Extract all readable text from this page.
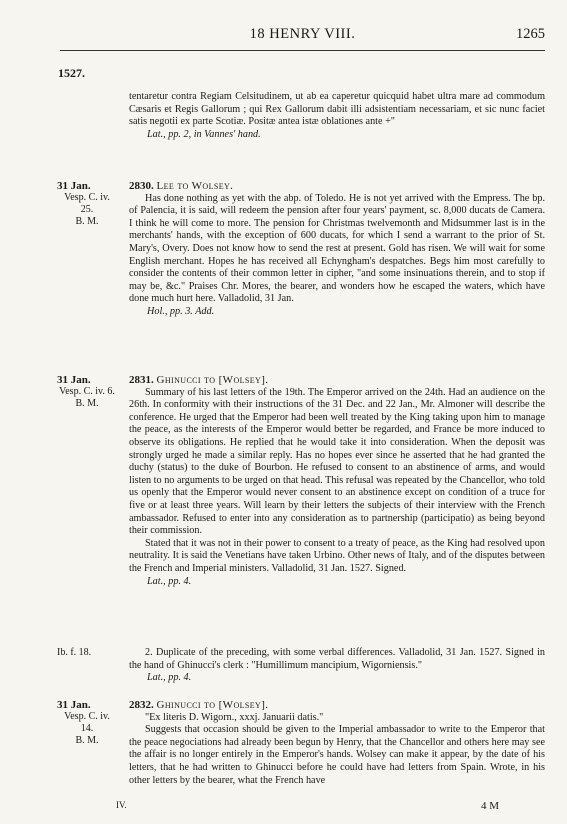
18 HENRY VIII.	1265
1527.

tentaretur contra Regiam Celsitudinem, ut ab ea caperetur quicquid habet ultra mare ad commodum Cæsaris et Regis Gallorum ; qui Rex Gallorum dabit illi adsistentiam necessariam, et sic nunc faciet satis negotii ex parte Scotiæ. Positæ antea istæ oblationes ante +"

Lat., pp. 2, in Vannes' hand.
31 Jan.
Vesp. C. iv. 25.
B. M.
2830. Lee to Wolsey.

Has done nothing as yet with the abp. of Toledo. He is not yet arrived with the Empress. The bp. of Palencia, it is said, will redeem the pension after four years' payment, sc. 8,000 ducats de Camera. I think he will come to more. The pension for Christmas twelvemonth and Midsummer last is in the merchants' hands, with the exception of 600 ducats, for which I send a warrant to the prior of St. Mary's, Overy. Does not know how to send the rest at present. Gold has risen. We will wait for some English merchant. Hopes he has received all Echyngham's despatches. Begs him most carefully to consider the contents of their common letter in cipher, "and some insinuations therein, and to stop if may be, &c." Praises Chr. Mores, the bearer, and wonders how he escaped the waters, which have done much hurt here. Valladolid, 31 Jan.

Hol., pp. 3. Add.
31 Jan.
Vesp. C. iv. 6.
B. M.
2831. Ghinucci to [Wolsey].

Summary of his last letters of the 19th. The Emperor arrived on the 24th. Had an audience on the 26th. In conformity with their instructions of the 31 Dec. and 22 Jan., Mr. Almoner will describe the conference. He urged that the Emperor had been well treated by the King taking upon him to manage the peace, as the interests of the Emperor would better be regarded, and France be more induced to observe its obligations. He replied that he would take it into consideration. When the deposit was strongly urged he made a similar reply. Has no hopes ever since he asserted that he had granted the duchy (status) to the duke of Bourbon. He refused to consent to an abstinence of arms, and would listen to no arguments to be urged on that head. This refusal was repeated by the Chancellor, who told us openly that the Emperor would never consent to an abstinence except on condition of a truce for five or at least three years. Will learn by their letters the subjects of their interview with the French ambassador. Refused to enter into any consideration as to partnership (participatio) as being beyond their commission.

Stated that it was not in their power to consent to a treaty of peace, as the King had resolved upon neutrality. It is said the Venetians have taken Urbino. Other news of Italy, and of the disputes between the French and Imperial ministers. Valladolid, 31 Jan. 1527. Signed.

Lat., pp. 4.
Ib. f. 18.	2. Duplicate of the preceding, with some verbal differences. Valladolid, 31 Jan. 1527. Signed in the hand of Ghinucci's clerk : "Humillimum mancipium, Wigorniensis."

Lat., pp. 4.
31 Jan.
Vesp. C. iv. 14.
B. M.
2832. Ghinucci to [Wolsey].

"Ex literis D. Wigorn., xxxj. Januarii datis."

Suggests that occasion should be given to the Imperial ambassador to write to the Emperor that the peace negociations had already been begun by Henry, that the Chancellor and others here may see the affair is no longer entirely in the Emperor's hands. Wolsey can make it appear, by the date of his letters, that he had written to Ghinucci before he could have had letters from Spain. Wrote, in his other letters by the bearer, what the French have

IV.	4 M
